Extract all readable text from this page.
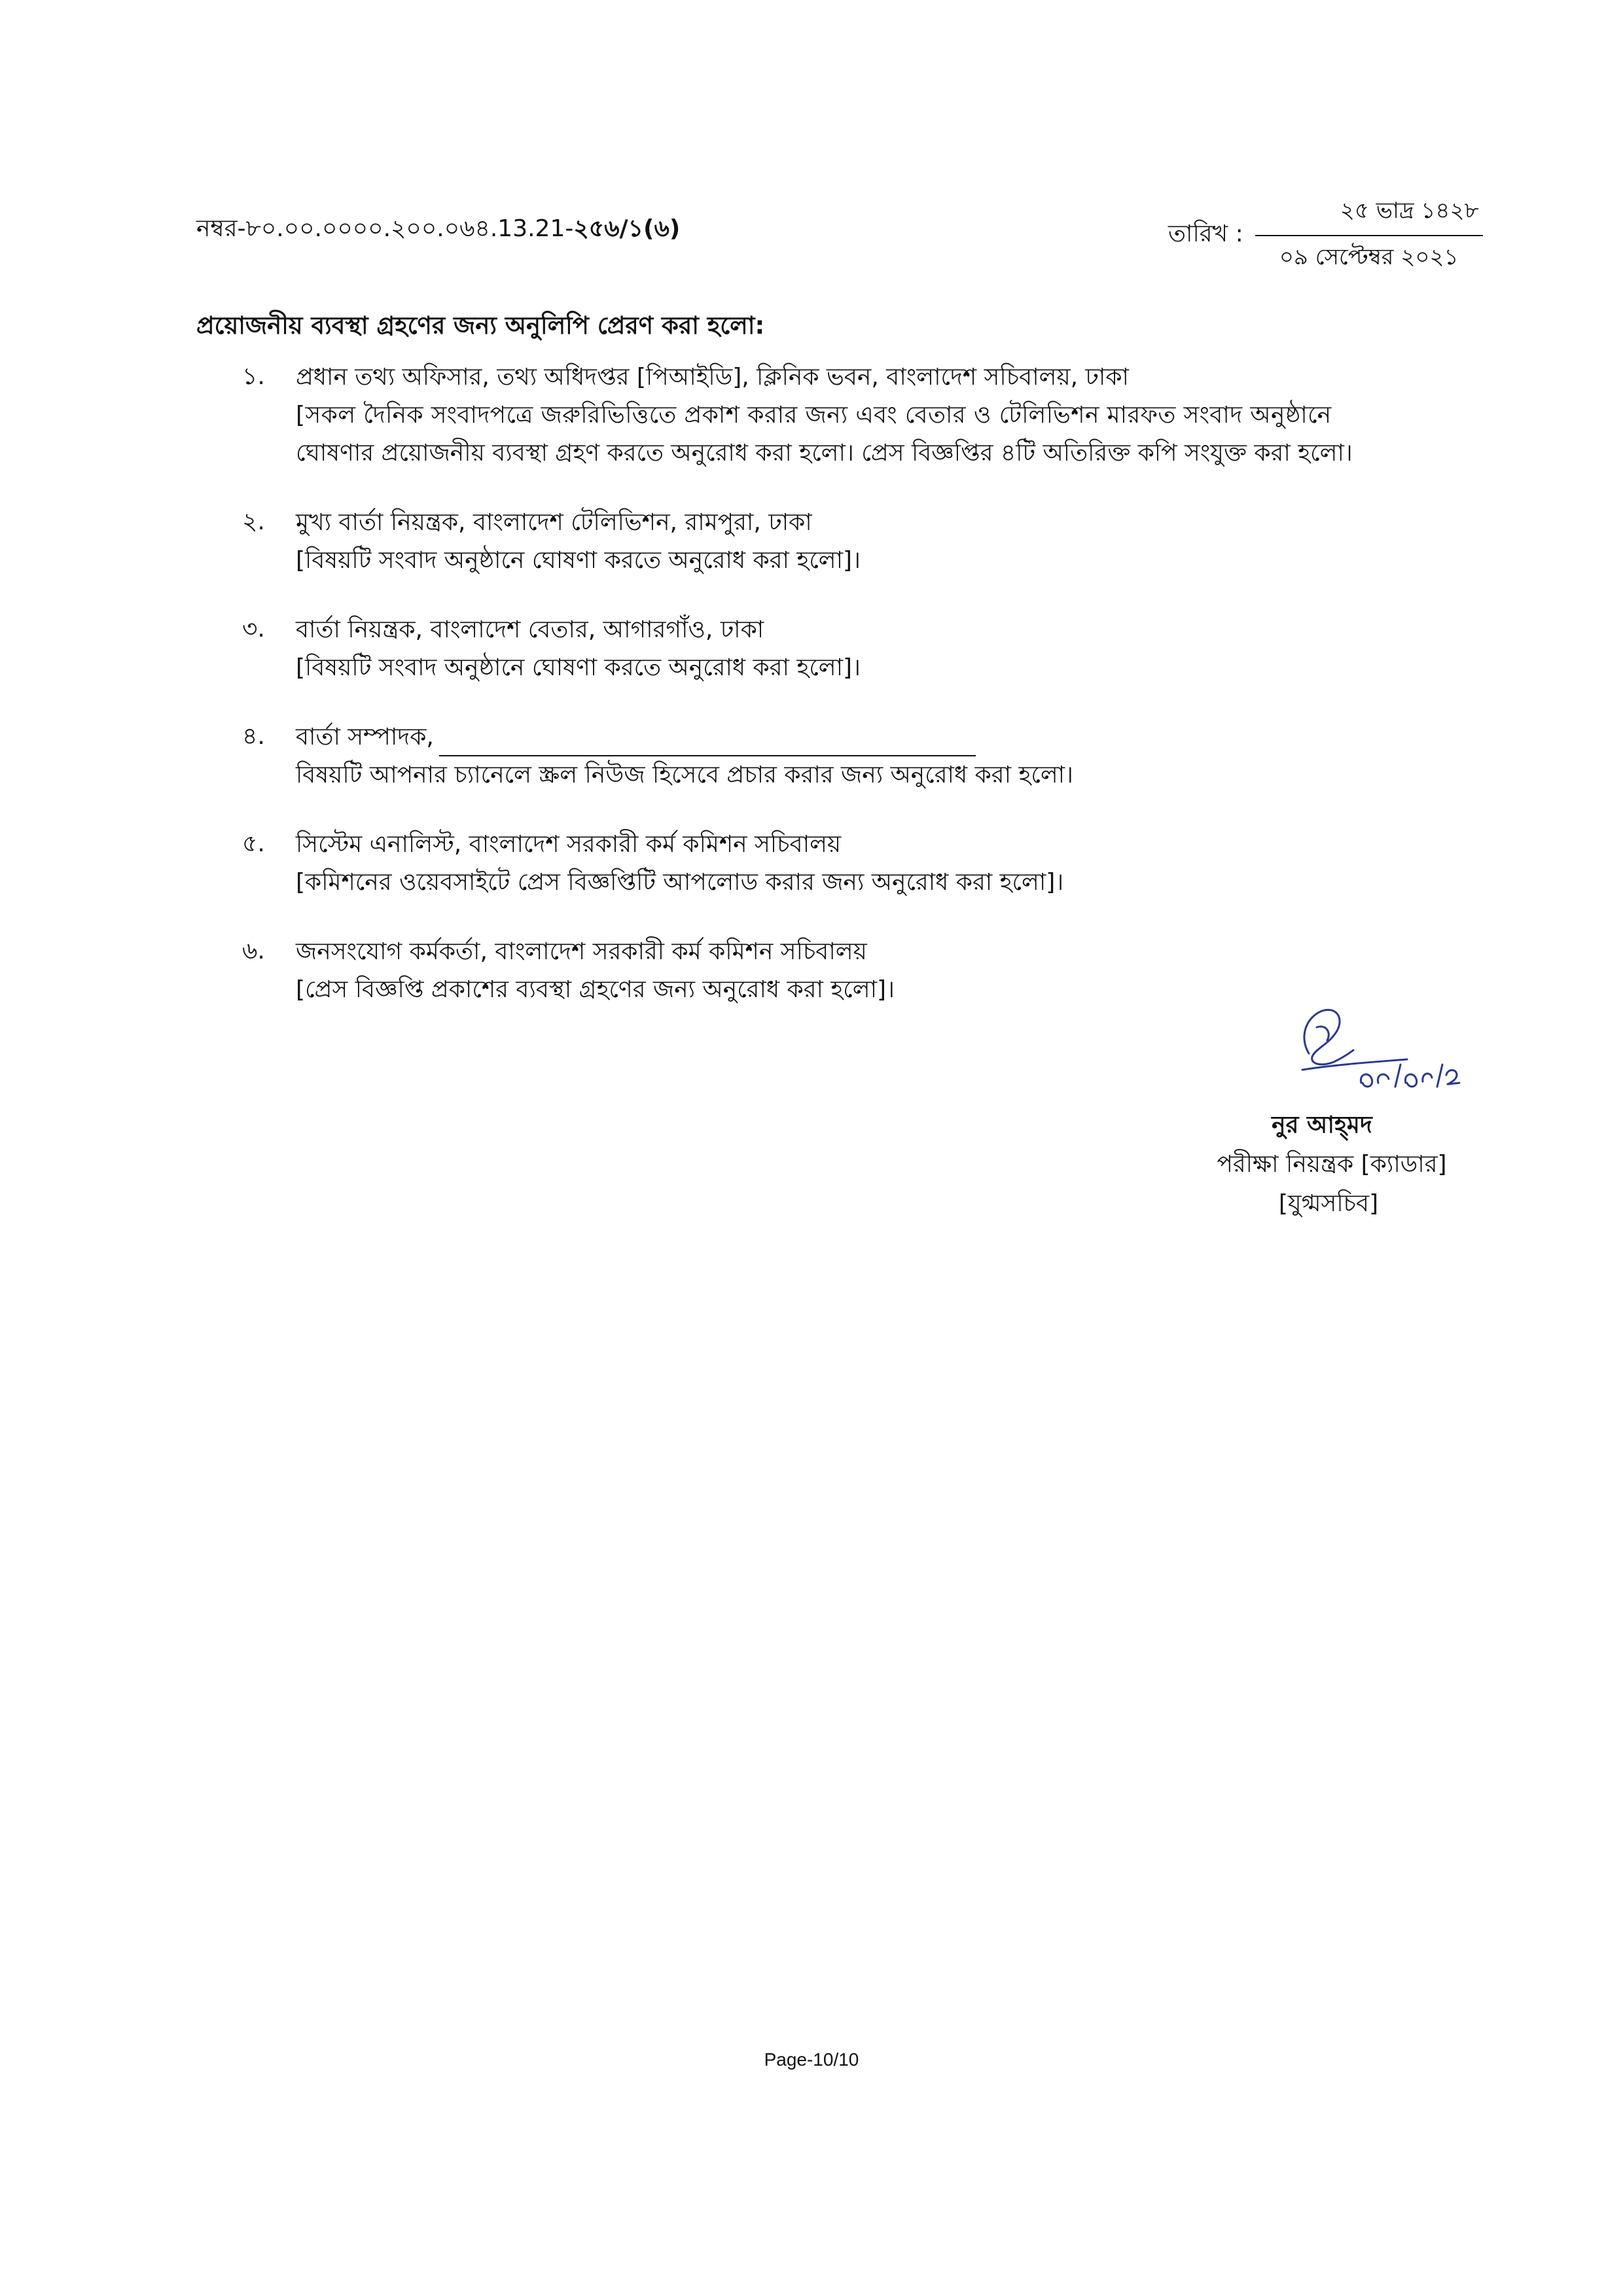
নম্বর-৮০.০০.০০০০.২০০.০৬৪.13.21-২৫৬/১(৬)	তারিখ : $\frac{\text{২৫ ভাদ্র ১৪২৮}}{\text{০৯ সেপ্টেম্বর ২০২১}}$
প্রয়োজনীয় ব্যবস্থা গ্রহণের জন্য অনুলিপি প্রেরণ করা হলো:
১.	প্রধান তথ্য অফিসার, তথ্য অধিদপ্তর [পিআইডি], ক্লিনিক ভবন, বাংলাদেশ সচিবালয়, ঢাকা
[সকল দৈনিক সংবাদপত্রে জরুরিভিত্তিতে প্রকাশ করার জন্য এবং বেতার ও টেলিভিশন মারফত সংবাদ অনুষ্ঠানে
ঘোষণার প্রয়োজনীয় ব্যবস্থা গ্রহণ করতে অনুরোধ করা হলো। প্রেস বিজ্ঞপ্তির ৪টি অতিরিক্ত কপি সংযুক্ত করা হলো।
২.	মুখ্য বার্তা নিয়ন্ত্রক, বাংলাদেশ টেলিভিশন, রামপুরা, ঢাকা
[বিষয়টি সংবাদ অনুষ্ঠানে ঘোষণা করতে অনুরোধ করা হলো]।
৩.	বার্তা নিয়ন্ত্রক, বাংলাদেশ বেতার, আগারগাঁও, ঢাকা
[বিষয়টি সংবাদ অনুষ্ঠানে ঘোষণা করতে অনুরোধ করা হলো]।
৪.	বার্তা সম্পাদক,
বিষয়টি আপনার চ্যানেলে স্ক্রল নিউজ হিসেবে প্রচার করার জন্য অনুরোধ করা হলো।
৫.	সিস্টেম এনালিস্ট, বাংলাদেশ সরকারী কর্ম কমিশন সচিবালয়
[কমিশনের ওয়েবসাইটে প্রেস বিজ্ঞপ্তিটি আপলোড করার জন্য অনুরোধ করা হলো]।
৬.	জনসংযোগ কর্মকর্তা, বাংলাদেশ সরকারী কর্ম কমিশন সচিবালয়
[প্রেস বিজ্ঞপ্তি প্রকাশের ব্যবস্থা গ্রহণের জন্য অনুরোধ করা হলো]।
নুর আহ্‌মদ
পরীক্ষা নিয়ন্ত্রক [ক্যাডার]
[যুগ্মসচিব]
Page-10/10
